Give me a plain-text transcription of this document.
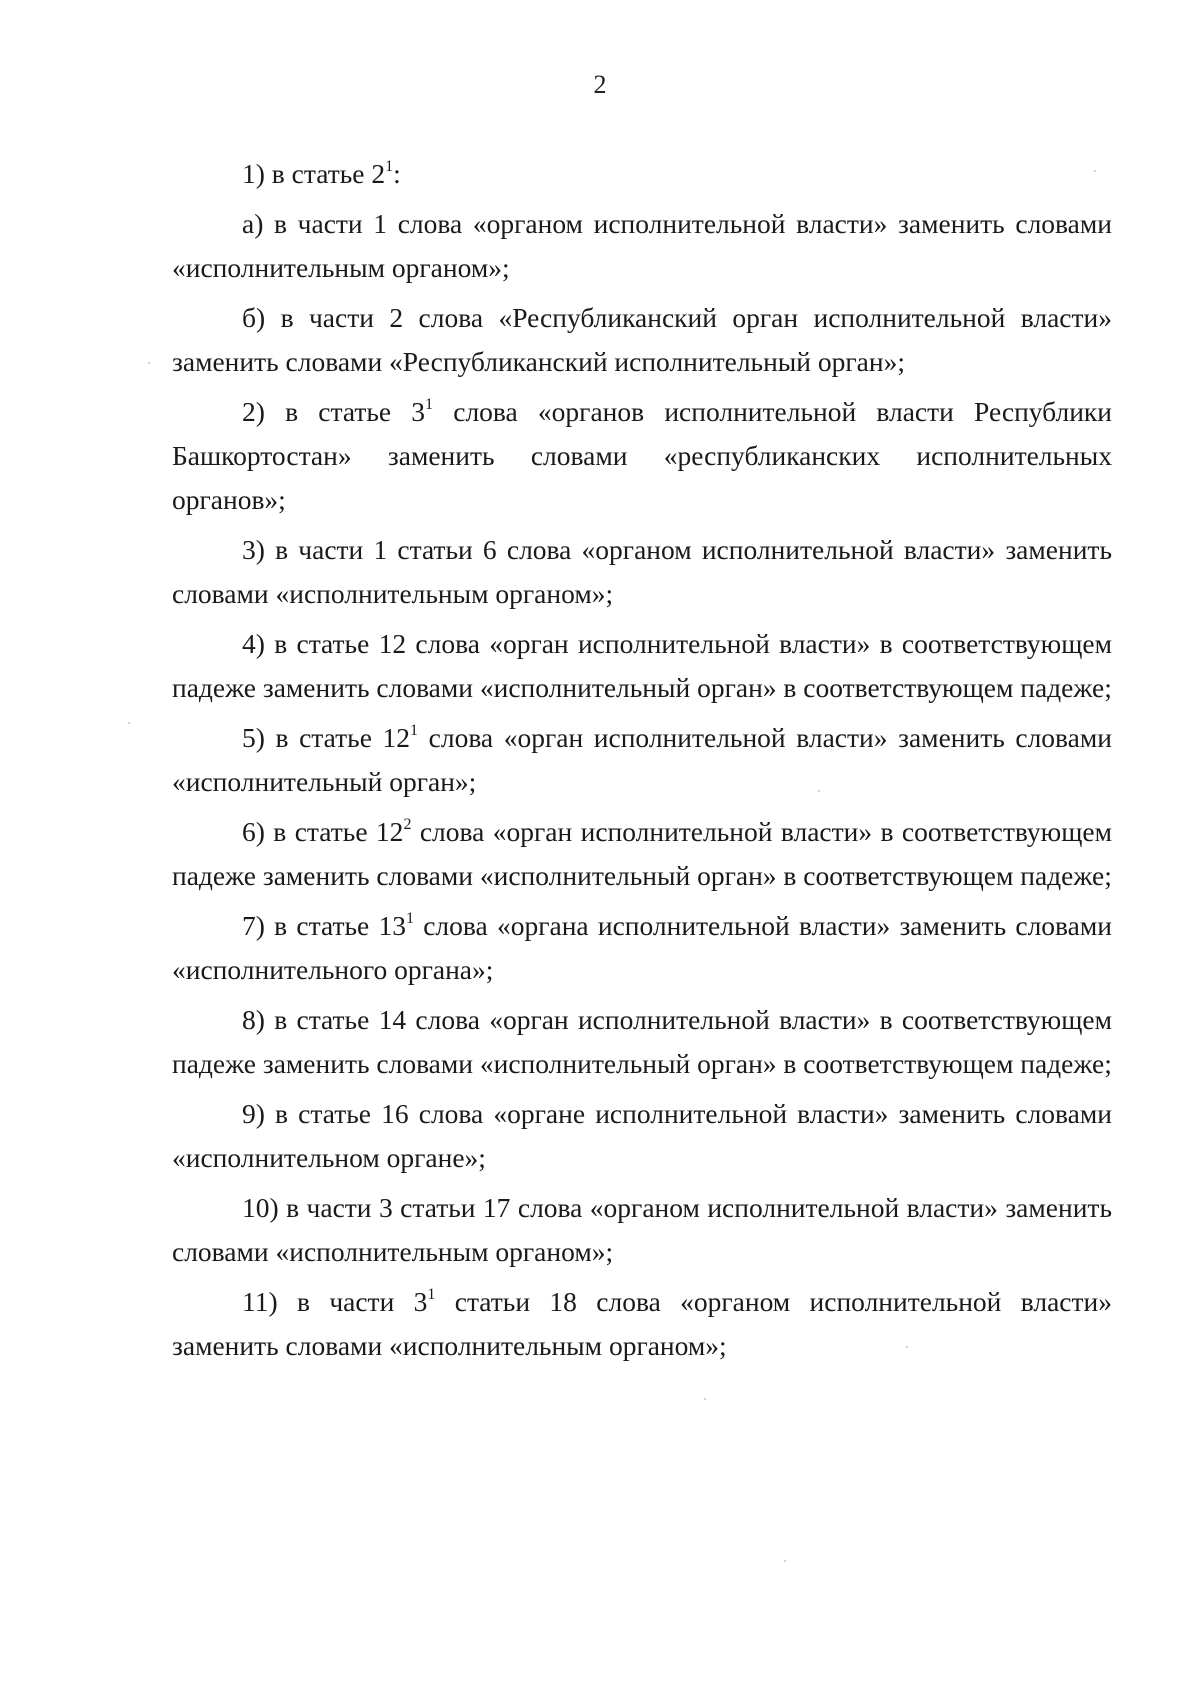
2

1) в статье $2^1$:

а) в части 1 слова «органом исполнительной власти» заменить словами «исполнительным органом»;

б) в части 2 слова «Республиканский орган исполнительной власти» заменить словами «Республиканский исполнительный орган»;

2) в статье $3^1$ слова «органов исполнительной власти Республики Башкортостан» заменить словами «республиканских исполнительных органов»;

3) в части 1 статьи 6 слова «органом исполнительной власти» заменить словами «исполнительным органом»;

4) в статье 12 слова «орган исполнительной власти» в соответствующем падеже заменить словами «исполнительный орган» в соответствующем падеже;

5) в статье $12^1$ слова «орган исполнительной власти» заменить словами «исполнительный орган»;

6) в статье $12^2$ слова «орган исполнительной власти» в соответствующем падеже заменить словами «исполнительный орган» в соответствующем падеже;

7) в статье $13^1$ слова «органа исполнительной власти» заменить словами «исполнительного органа»;

8) в статье 14 слова «орган исполнительной власти» в соответствующем падеже заменить словами «исполнительный орган» в соответствующем падеже;

9) в статье 16 слова «органе исполнительной власти» заменить словами «исполнительном органе»;

10) в части 3 статьи 17 слова «органом исполнительной власти» заменить словами «исполнительным органом»;

11) в части $3^1$ статьи 18 слова «органом исполнительной власти» заменить словами «исполнительным органом»;
